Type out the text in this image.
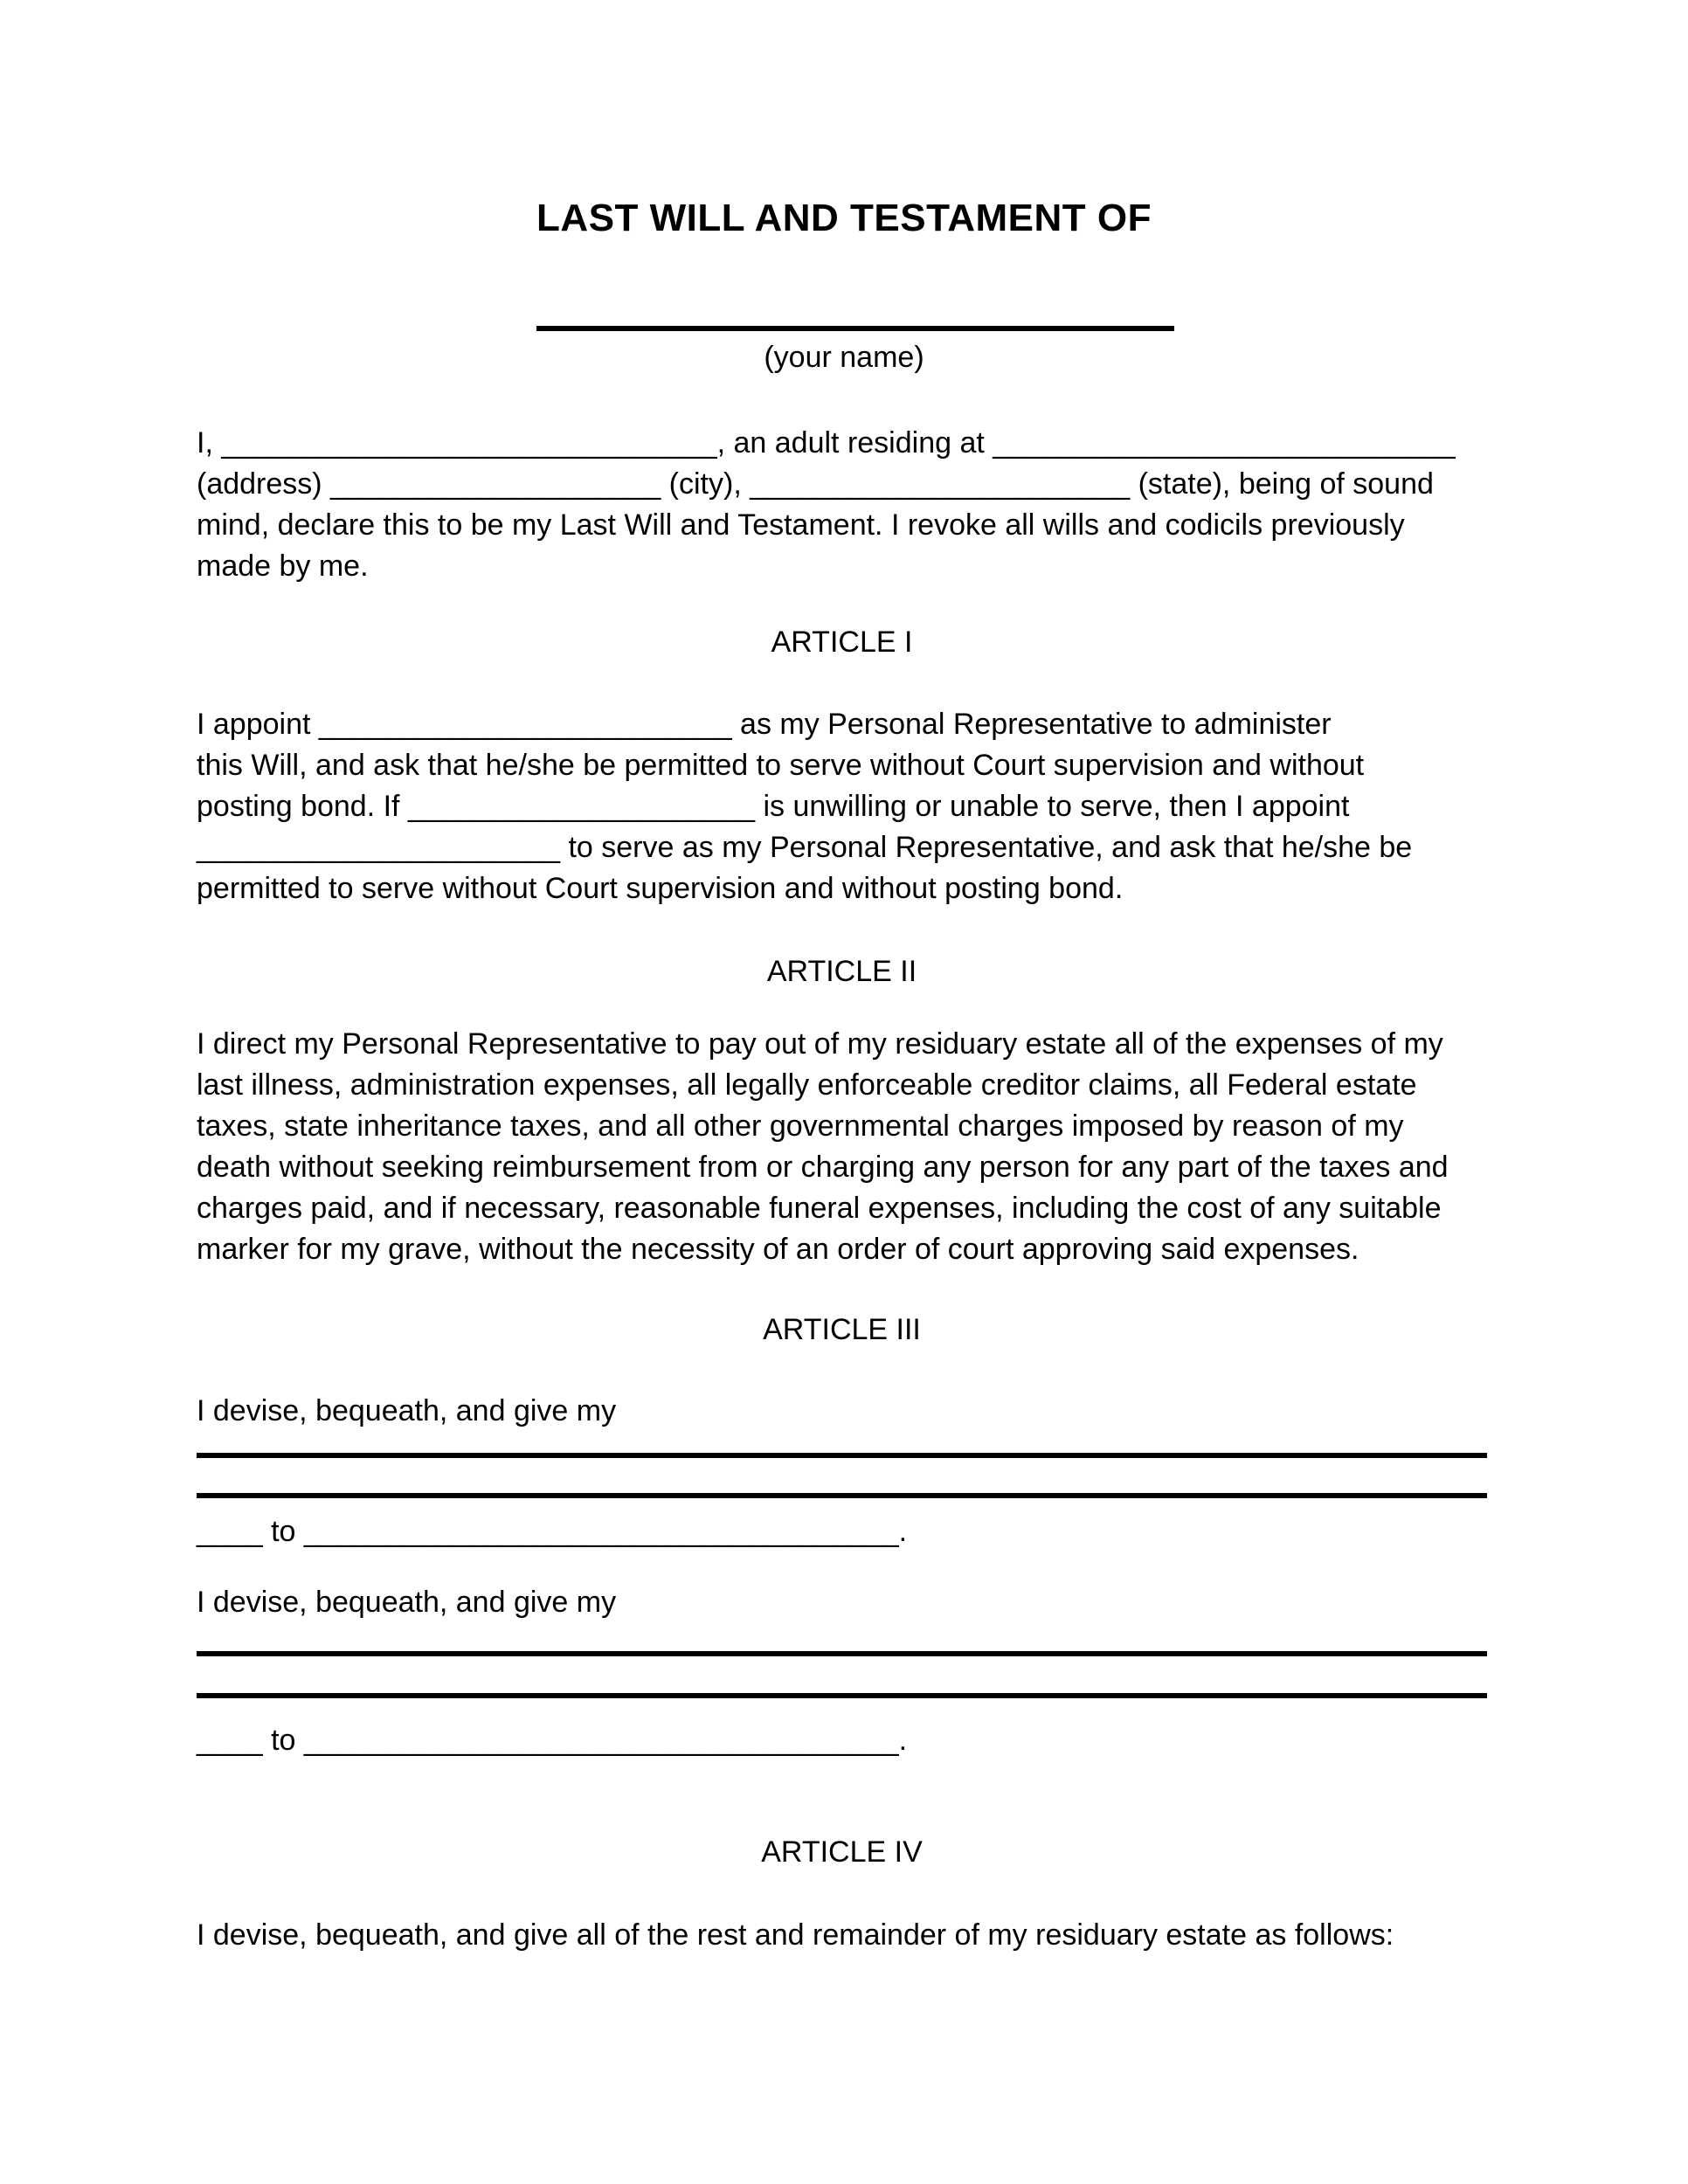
LAST WILL AND TESTAMENT OF
(your name)
I, ______________________________, an adult residing at ____________________________
(address) ____________________ (city), _______________________ (state), being of sound
mind, declare this to be my Last Will and Testament. I revoke all wills and codicils previously
made by me.
ARTICLE I
I appoint _________________________ as my Personal Representative to administer
this Will, and ask that he/she be permitted to serve without Court supervision and without
posting bond. If _____________________ is unwilling or unable to serve, then I appoint
______________________ to serve as my Personal Representative, and ask that he/she be
permitted to serve without Court supervision and without posting bond.
ARTICLE II
I direct my Personal Representative to pay out of my residuary estate all of the expenses of my
last illness, administration expenses, all legally enforceable creditor claims, all Federal estate
taxes, state inheritance taxes, and all other governmental charges imposed by reason of my
death without seeking reimbursement from or charging any person for any part of the taxes and
charges paid, and if necessary, reasonable funeral expenses, including the cost of any suitable
marker for my grave, without the necessity of an order of court approving said expenses.
ARTICLE III
I devise, bequeath, and give my
____ to ____________________________________.
I devise, bequeath, and give my
____ to ____________________________________.
ARTICLE IV
I devise, bequeath, and give all of the rest and remainder of my residuary estate as follows:
